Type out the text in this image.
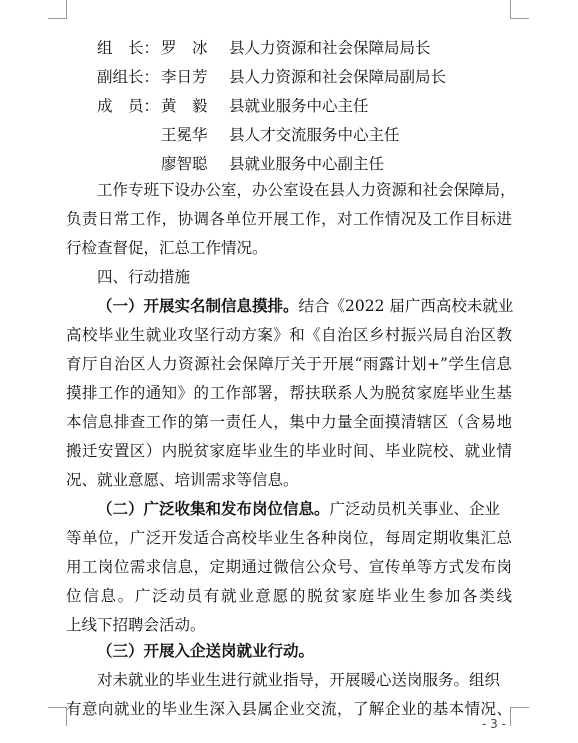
组　长： 罗　冰 县人力资源和社会保障局局长
副组长： 李日芳 县人力资源和社会保障局副局长
成　员： 黄　毅 县就业服务中心主任
王冕华 县人才交流服务中心主任
廖智聪 县就业服务中心副主任
工作专班下设办公室，办公室设在县人力资源和社会保障局，
负责日常工作，协调各单位开展工作，对工作情况及工作目标进
行检查督促，汇总工作情况。
四、行动措施
（一）开展实名制信息摸排。结合《2022 届广西高校未就业
高校毕业生就业攻坚行动方案》和《自治区乡村振兴局自治区教
育厅自治区人力资源社会保障厅关于开展“雨露计划+”学生信息
摸排工作的通知》的工作部署，帮扶联系人为脱贫家庭毕业生基
本信息排查工作的第一责任人，集中力量全面摸清辖区（含易地
搬迁安置区）内脱贫家庭毕业生的毕业时间、毕业院校、就业情
况、就业意愿、培训需求等信息。
（二）广泛收集和发布岗位信息。广泛动员机关事业、企业
等单位，广泛开发适合高校毕业生各种岗位，每周定期收集汇总
用工岗位需求信息，定期通过微信公众号、宣传单等方式发布岗
位信息。广泛动员有就业意愿的脱贫家庭毕业生参加各类线
上线下招聘会活动。
（三）开展入企送岗就业行动。
对未就业的毕业生进行就业指导，开展暖心送岗服务。组织
有意向就业的毕业生深入县属企业交流，了解企业的基本情况、
- 3 -
